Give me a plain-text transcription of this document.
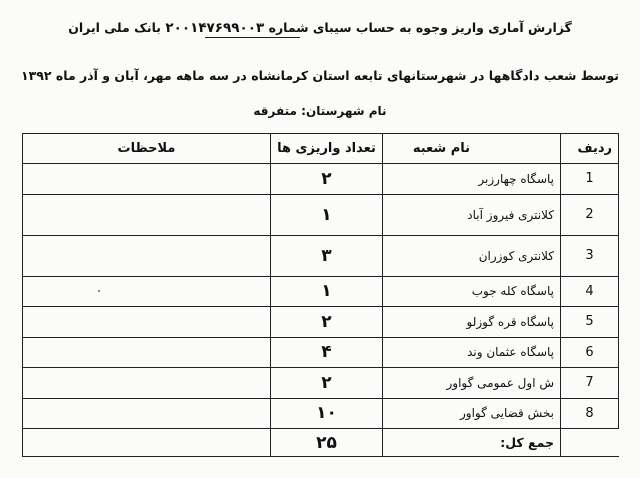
گزارش آماری واریز وجوه به حساب سیبای شماره ۲۰۰۱۴۷۶۹۹۰۰۳ بانک ملی ایران
توسط شعب دادگاهها در شهرستانهای تابعه استان کرمانشاه در سه ماهه مهر، آبان و آذر ماه ۱۳۹۲
نام شهرستان: متفرقه
ردیف	نام شعبه	تعداد واریزی ها	ملاحظات
1	پاسگاه چهارزبر	۲	
2	کلانتری فیروز آباد	۱	
3	کلانتری کوزران	۳	
4	پاسگاه کله جوب	۱	
5	پاسگاه قره گوزلو	۲	
6	پاسگاه عثمان وند	۴	
7	ش اول عمومی گواور	۲	
8	بخش قضایی گواور	۱۰	
	جمع کل:	۲۵	
